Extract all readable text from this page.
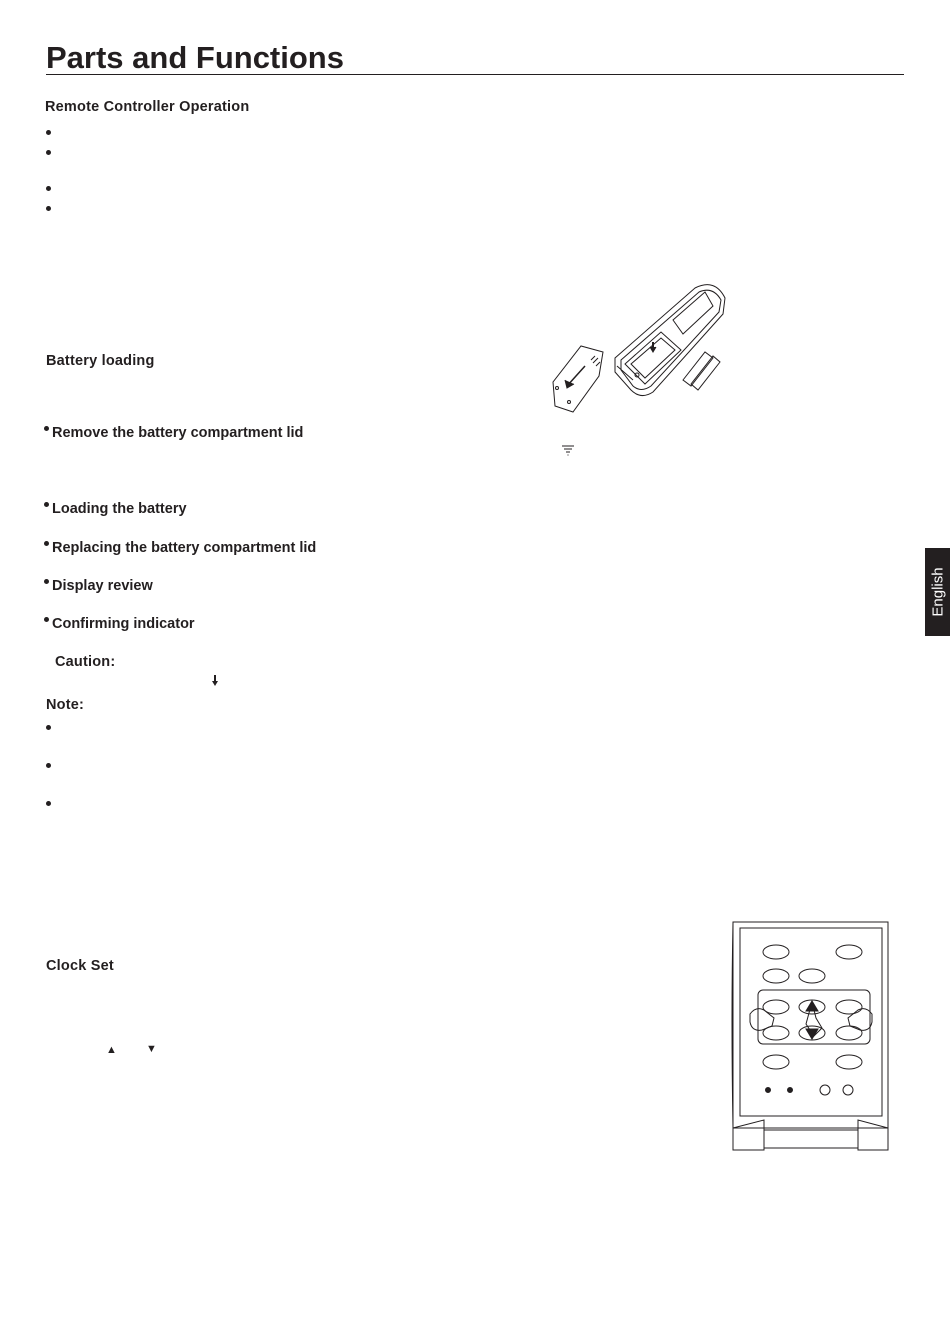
Parts and Functions
Remote Controller Operation
Battery loading
Remove the battery compartment lid
Loading the battery
Replacing the battery compartment lid
Display review
Confirming indicator
Caution:
Note:
Clock Set
▲	▼
English
